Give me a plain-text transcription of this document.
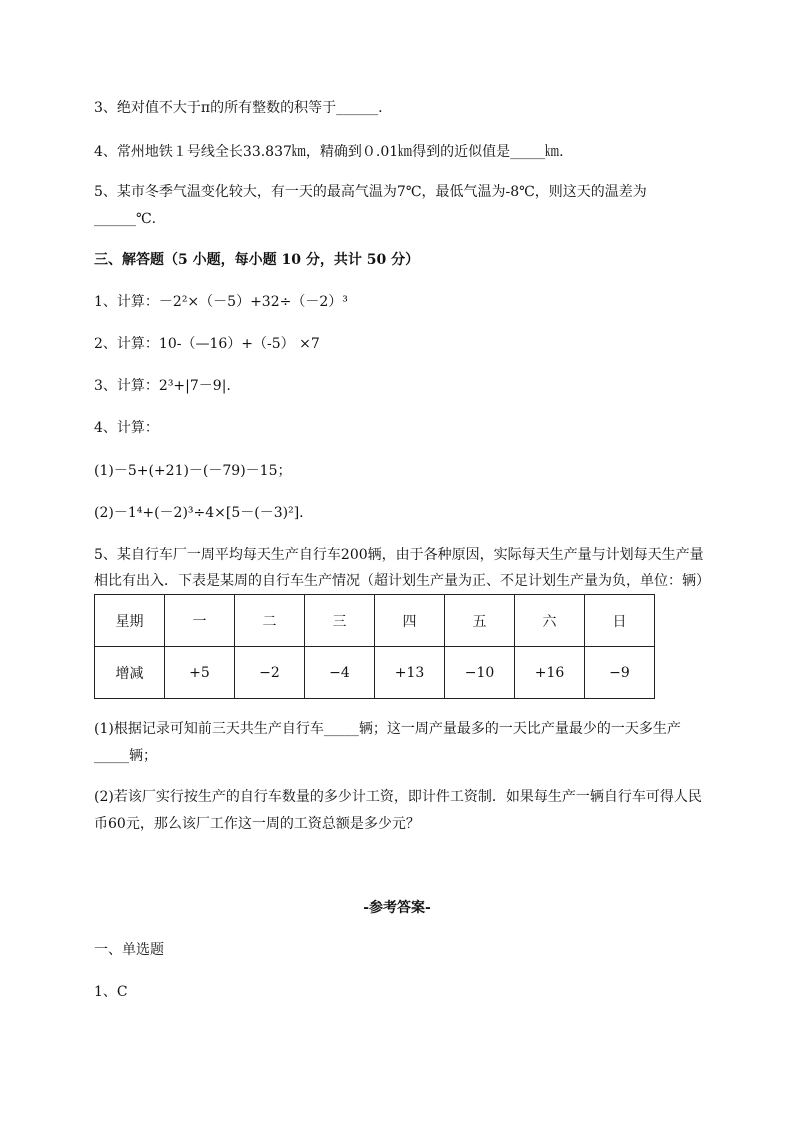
3、绝对值不大于π的所有整数的积等于______.
4、常州地铁１号线全长33.837㎞，精确到０.01㎞得到的近似值是_____㎞.
5、某市冬季气温变化较大，有一天的最高气温为7℃，最低气温为-8℃，则这天的温差为
______℃.
三、解答题（5 小题，每小题 10 分，共计 50 分）
1、计算：－2²×（－5）+32÷（－2）³
2、计算：10-（—16）+（-5） ×7
3、计算：2³+|7－9|.
4、计算：
(1)－5+(+21)－(－79)－15；
(2)－1⁴+(－2)³÷4×[5－(－3)²].
5、某自行车厂一周平均每天生产自行车200辆，由于各种原因，实际每天生产量与计划每天生产量
相比有出入．下表是某周的自行车生产情况（超计划生产量为正、不足计划生产量为负，单位：辆）
星期	一	二	三	四	五	六	日
增减	+5	−2	−4	+13	−10	+16	−9
(1)根据记录可知前三天共生产自行车_____辆；这一周产量最多的一天比产量最少的一天多生产
_____辆；
(2)若该厂实行按生产的自行车数量的多少计工资，即计件工资制．如果每生产一辆自行车可得人民
币60元，那么该厂工作这一周的工资总额是多少元？
-参考答案-
一、单选题
1、C
